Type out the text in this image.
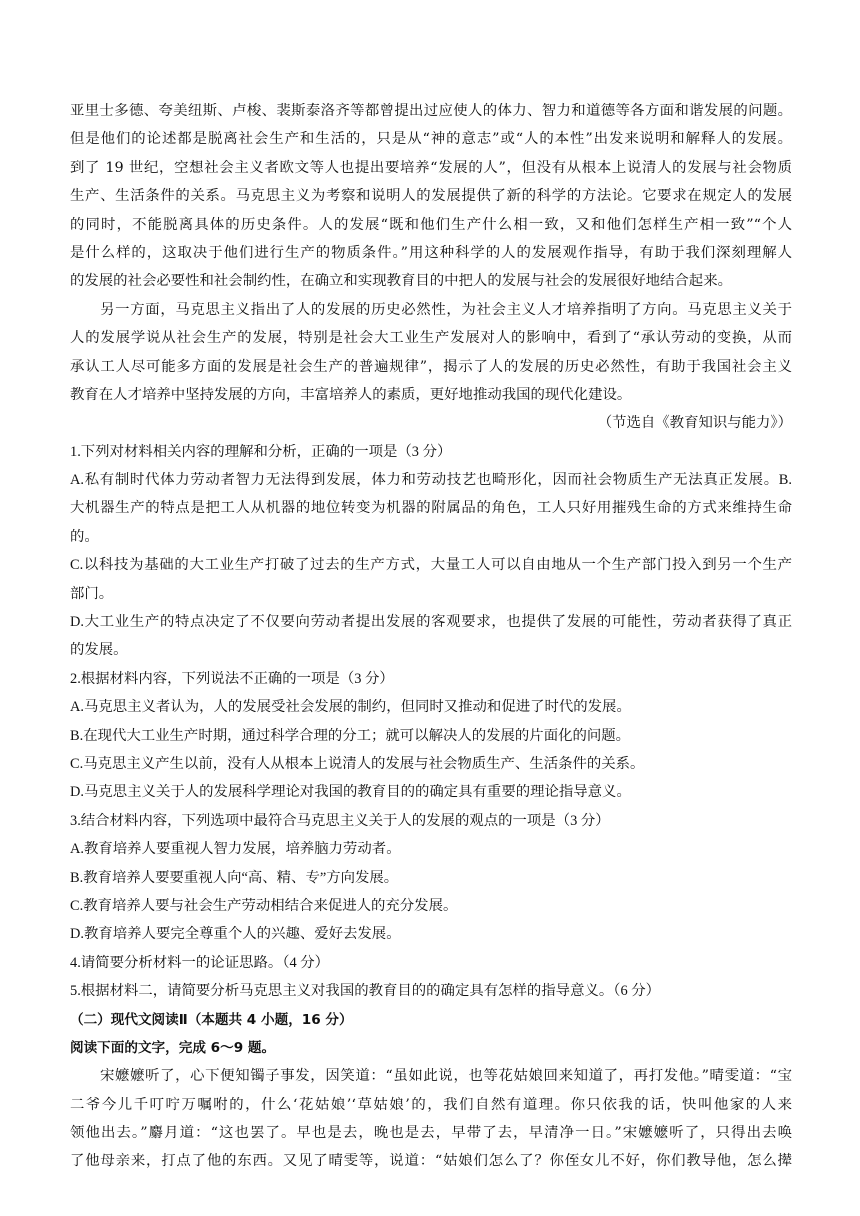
亚里士多德、夸美纽斯、卢梭、裴斯泰洛齐等都曾提出过应使人的体力、智力和道德等各方面和谐发展的问题。
但是他们的论述都是脱离社会生产和生活的，只是从“神的意志”或“人的本性”出发来说明和解释人的发展。
到了 19 世纪，空想社会主义者欧文等人也提出要培养“发展的人”，但没有从根本上说清人的发展与社会物质
生产、生活条件的关系。马克思主义为考察和说明人的发展提供了新的科学的方法论。它要求在规定人的发展
的同时，不能脱离具体的历史条件。人的发展“既和他们生产什么相一致，又和他们怎样生产相一致”“个人
是什么样的，这取决于他们进行生产的物质条件。”用这种科学的人的发展观作指导，有助于我们深刻理解人
的发展的社会必要性和社会制约性，在确立和实现教育目的中把人的发展与社会的发展很好地结合起来。
　　另一方面，马克思主义指出了人的发展的历史必然性，为社会主义人才培养指明了方向。马克思主义关于
人的发展学说从社会生产的发展，特别是社会大工业生产发展对人的影响中，看到了“承认劳动的变换，从而
承认工人尽可能多方面的发展是社会生产的普遍规律”，揭示了人的发展的历史必然性，有助于我国社会主义
教育在人才培养中坚持发展的方向，丰富培养人的素质，更好地推动我国的现代化建设。
（节选自《教育知识与能力》）
1.下列对材料相关内容的理解和分析，正确的一项是（3 分）
A.私有制时代体力劳动者智力无法得到发展，体力和劳动技艺也畸形化，因而社会物质生产无法真正发展。B.
大机器生产的特点是把工人从机器的地位转变为机器的附属品的角色，工人只好用摧残生命的方式来维持生命
的。
C.以科技为基础的大工业生产打破了过去的生产方式，大量工人可以自由地从一个生产部门投入到另一个生产
部门。
D.大工业生产的特点决定了不仅要向劳动者提出发展的客观要求，也提供了发展的可能性，劳动者获得了真正
的发展。
2.根据材料内容，下列说法不正确的一项是（3 分）
A.马克思主义者认为，人的发展受社会发展的制约，但同时又推动和促进了时代的发展。
B.在现代大工业生产时期，通过科学合理的分工；就可以解决人的发展的片面化的问题。
C.马克思主义产生以前，没有人从根本上说清人的发展与社会物质生产、生活条件的关系。
D.马克思主义关于人的发展科学理论对我国的教育目的的确定具有重要的理论指导意义。
3.结合材料内容，下列选项中最符合马克思主义关于人的发展的观点的一项是（3 分）
A.教育培养人要重视人智力发展，培养脑力劳动者。
B.教育培养人要要重视人向“高、精、专”方向发展。
C.教育培养人要与社会生产劳动相结合来促进人的充分发展。
D.教育培养人要完全尊重个人的兴趣、爱好去发展。
4.请简要分析材料一的论证思路。（4 分）
5.根据材料二，请简要分析马克思主义对我国的教育目的的确定具有怎样的指导意义。（6 分）
（二）现代文阅读Ⅱ（本题共 4 小题，16 分）
阅读下面的文字，完成 6～9 题。
　　宋嬷嬷听了，心下便知镯子事发，因笑道：“虽如此说，也等花姑娘回来知道了，再打发他。”晴雯道：“宝
二爷今儿千叮咛万嘱咐的，什么‘花姑娘’‘草姑娘’的，我们自然有道理。你只依我的话，快叫他家的人来
领他出去。”麝月道：“这也罢了。早也是去，晚也是去，早带了去，早清净一日。”宋嬷嬷听了，只得出去唤
了他母亲来，打点了他的东西。又见了晴雯等，说道：“姑娘们怎么了？你侄女儿不好，你们教导他，怎么撵
